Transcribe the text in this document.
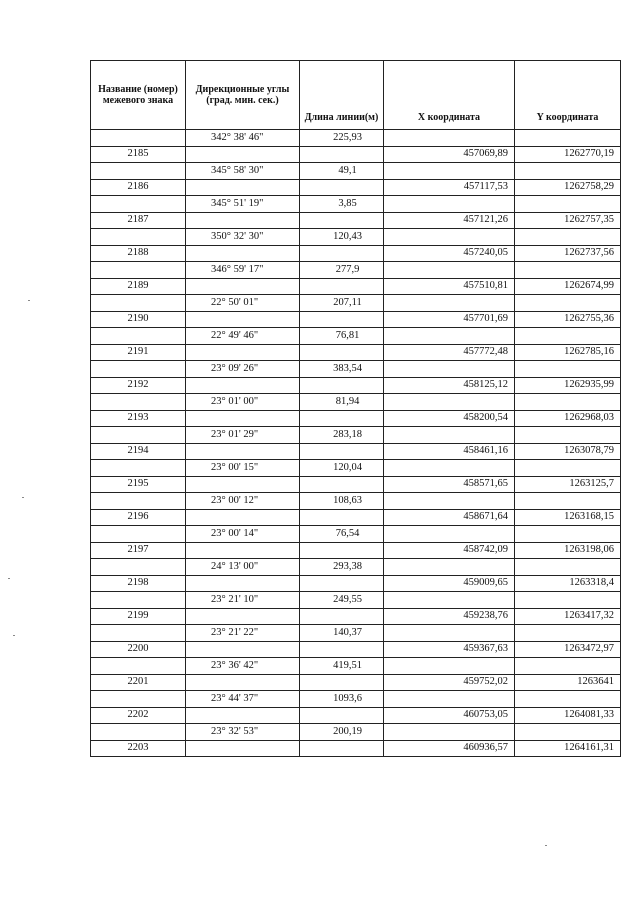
Название (номер) межевого знака	Дирекционные углы (град. мин. сек.)	Длина линии(м)	X координата	Y координата
	342° 38' 46"	225,93		
2185			457069,89	1262770,19
	345° 58' 30"	49,1		
2186			457117,53	1262758,29
	345° 51' 19"	3,85		
2187			457121,26	1262757,35
	350° 32' 30"	120,43		
2188			457240,05	1262737,56
	346° 59' 17"	277,9		
2189			457510,81	1262674,99
	22° 50' 01"	207,11		
2190			457701,69	1262755,36
	22° 49' 46"	76,81		
2191			457772,48	1262785,16
	23° 09' 26"	383,54		
2192			458125,12	1262935,99
	23° 01' 00"	81,94		
2193			458200,54	1262968,03
	23° 01' 29"	283,18		
2194			458461,16	1263078,79
	23° 00' 15"	120,04		
2195			458571,65	1263125,7
	23° 00' 12"	108,63		
2196			458671,64	1263168,15
	23° 00' 14"	76,54		
2197			458742,09	1263198,06
	24° 13' 00"	293,38		
2198			459009,65	1263318,4
	23° 21' 10"	249,55		
2199			459238,76	1263417,32
	23° 21' 22"	140,37		
2200			459367,63	1263472,97
	23° 36' 42"	419,51		
2201			459752,02	1263641
	23° 44' 37"	1093,6		
2202			460753,05	1264081,33
	23° 32' 53"	200,19		
2203			460936,57	1264161,31
